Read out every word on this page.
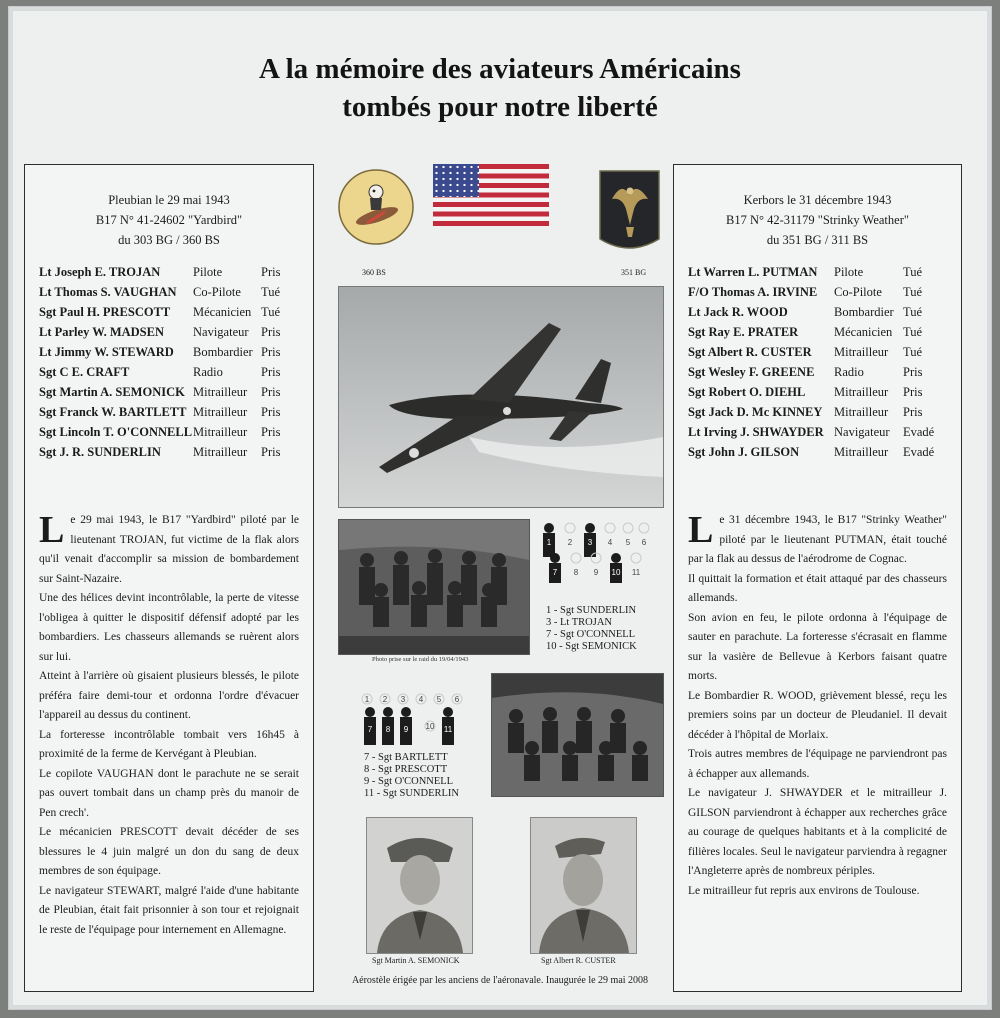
A la mémoire des aviateurs Américains
tombés pour notre liberté
Pleubian le 29 mai 1943
B17 N° 41-24602 "Yardbird"
du 303 BG / 360 BS
Lt Joseph E. TROJAN	Pilote	Pris
Lt Thomas S. VAUGHAN	Co-Pilote	Tué
Sgt Paul H. PRESCOTT	Mécanicien Tué
Lt Parley W. MADSEN	Navigateur Pris
Lt Jimmy W. STEWARD	Bombardier Pris
Sgt C E. CRAFT	Radio	Pris
Sgt Martin A. SEMONICK Mitrailleur	Pris
Sgt Franck W. BARTLETT Mitrailleur	Pris
Sgt Lincoln T. O'CONNELL Mitrailleur	Pris
Sgt J. R. SUNDERLIN	Mitrailleur	Pris

Le 29 mai 1943, le B17 "Yardbird" piloté par le lieutenant TROJAN, fut victime de la flak alors qu'il venait d'accomplir sa mission de bombardement sur Saint-Nazaire.

Une des hélices devint incontrôlable, la perte de vitesse l'obligea à quitter le dispositif défensif adopté par les bombardiers. Les chasseurs allemands se ruèrent alors sur lui.

Atteint à l'arrière où gisaient plusieurs blessés, le pilote préféra faire demi-tour et ordonna l'ordre d'évacuer l'appareil au dessus du continent.

La forteresse incontrôlable tombait vers 16h45 à proximité de la ferme de Kervégant à Pleubian.

Le copilote VAUGHAN dont le parachute ne se serait pas ouvert tombait dans un champ près du manoir de Pen crech'.

Le mécanicien PRESCOTT devait décéder de ses blessures le 4 juin malgré un don du sang de deux membres de son équipage.

Le navigateur STEWART, malgré l'aide d'une habitante de Pleubian, était fait prisonnier à son tour et rejoignait le reste de l'équipage pour internement en Allemagne.

Kerbors le 31 décembre 1943
B17 N° 42-31179 "Strinky Weather"
du 351 BG / 311 BS
Lt Warren L. PUTMAN	Pilote	Tué
F/O Thomas A. IRVINE	Co-Pilote	Tué
Lt Jack R. WOOD	Bombardier Tué
Sgt Ray E. PRATER	Mécanicien Tué
Sgt Albert R. CUSTER	Mitrailleur	Tué
Sgt Wesley F. GREENE	Radio	Pris
Sgt Robert O. DIEHL	Mitrailleur	Pris
Sgt Jack D. Mc KINNEY Mitrailleur	Pris
Lt Irving J. SHWAYDER Navigateur	Evadé
Sgt John J. GILSON	Mitrailleur	Evadé

Le 31 décembre 1943, le B17 "Strinky Weather" piloté par le lieutenant PUTMAN, était touché par la flak au dessus de l'aérodrome de Cognac.

Il quittait la formation et était attaqué par des chasseurs allemands.

Son avion en feu, le pilote ordonna à l'équipage de sauter en parachute. La forteresse s'écrasait en flamme sur la vasière de Bellevue à Kerbors faisant quatre morts.

Le Bombardier R. WOOD, grièvement blessé, reçu les premiers soins par un docteur de Pleudaniel. Il devait décéder à l'hôpital de Morlaix.

Trois autres membres de l'équipage ne parviendront pas à échapper aux allemands.

Le navigateur J. SHWAYDER et le mitrailleur J. GILSON parviendront à échapper aux recherches grâce au courage de quelques habitants et à la complicité de filières locales. Seul le navigateur parviendra à regagner l'Angleterre après de nombreux périples.

Le mitrailleur fut repris aux environs de Toulouse.

360 BS	351 BG
Photo prise sur le raid du 19/04/1943
1 2 3 4 5 6
7 8 9 10 11
1 - Sgt SUNDERLIN
3 - Lt TROJAN
7 - Sgt O'CONNELL
10 - Sgt SEMONICK
1 2 3 4 5 6
7 8 9 10 11
7 - Sgt BARTLETT
8 - Sgt PRESCOTT
9 - Sgt O'CONNELL
11 - Sgt SUNDERLIN
Sgt Martin A. SEMONICK	Sgt Albert R. CUSTER
Aérostèle érigée par les anciens de l'aéronavale. Inaugurée le 29 mai 2008
